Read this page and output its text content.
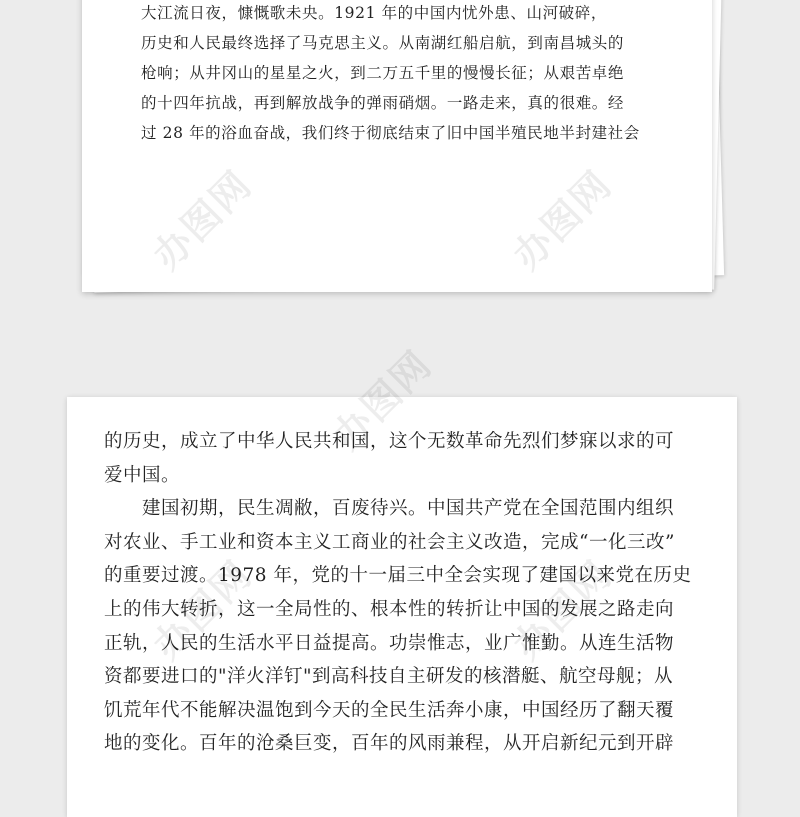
大江流日夜，慷慨歌未央。1921 年的中国内忧外患、山河破碎，
历史和人民最终选择了马克思主义。从南湖红船启航，到南昌城头的
枪响；从井冈山的星星之火，到二万五千里的慢慢长征；从艰苦卓绝
的十四年抗战，再到解放战争的弹雨硝烟。一路走来，真的很难。经
过 28 年的浴血奋战，我们终于彻底结束了旧中国半殖民地半封建社会
的历史，成立了中华人民共和国，这个无数革命先烈们梦寐以求的可
爱中国。
　　建国初期，民生凋敝，百废待兴。中国共产党在全国范围内组织
对农业、手工业和资本主义工商业的社会主义改造，完成“一化三改”
的重要过渡。1978 年，党的十一届三中全会实现了建国以来党在历史
上的伟大转折，这一全局性的、根本性的转折让中国的发展之路走向
正轨，人民的生活水平日益提高。功崇惟志，业广惟勤。从连生活物
资都要进口的"洋火洋钉"到高科技自主研发的核潜艇、航空母舰；从
饥荒年代不能解决温饱到今天的全民生活奔小康，中国经历了翻天覆
地的变化。百年的沧桑巨变，百年的风雨兼程，从开启新纪元到开辟
